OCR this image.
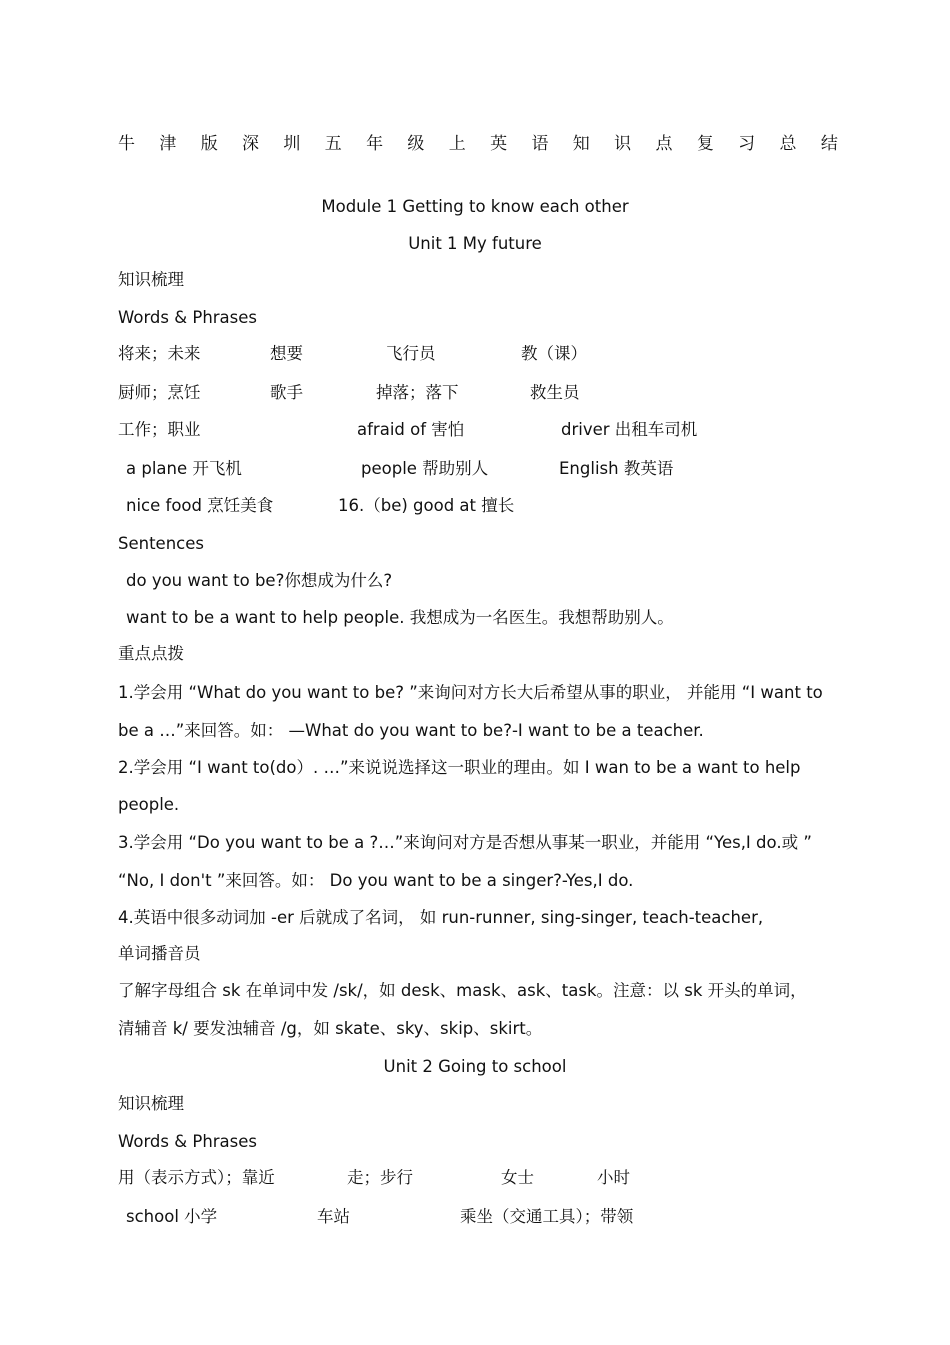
牛 津 版 深 圳 五 年 级 上 英 语 知 识 点 复 习 总 结
Module 1 Getting to know each other
Unit 1 My future
知识梳理
Words & Phrases
将来；未来	想要	飞行员	教（课）
厨师；烹饪	歌手	掉落；落下	救生员
工作；职业	afraid of 害怕	driver 出租车司机
a plane 开飞机	people 帮助别人	English 教英语
nice food 烹饪美食	16.（be) good at 擅长
Sentences
do you want to be?你想成为什么?
want to be a want to help people. 我想成为一名医生。我想帮助别人。
重点点拨
1.学会用 “What do you want to be? ”来询问对方长大后希望从事的职业， 并能用 “I want to
be a …”来回答。如： —What do you want to be?-I want to be a teacher.
2.学会用 “I want to(do）. …”来说说选择这一职业的理由。如 I wan to be a want to help
people.
3.学会用 “Do you want to be a ?…”来询问对方是否想从事某一职业，并能用 “Yes,I do.或 ”
“No, I don't ”来回答。如： Do you want to be a singer?-Yes,I do.
4.英语中很多动词加 -er 后就成了名词， 如 run-runner, sing-singer, teach-teacher,
单词播音员
了解字母组合 sk 在单词中发 /sk/，如 desk、mask、ask、task。注意：以 sk 开头的单词，
清辅音 k/ 要发浊辅音 /g，如 skate、sky、skip、skirt。
Unit 2 Going to school
知识梳理
Words & Phrases
用（表示方式）；靠近	走；步行	女士	小时
school 小学	车站	乘坐（交通工具）；带领
